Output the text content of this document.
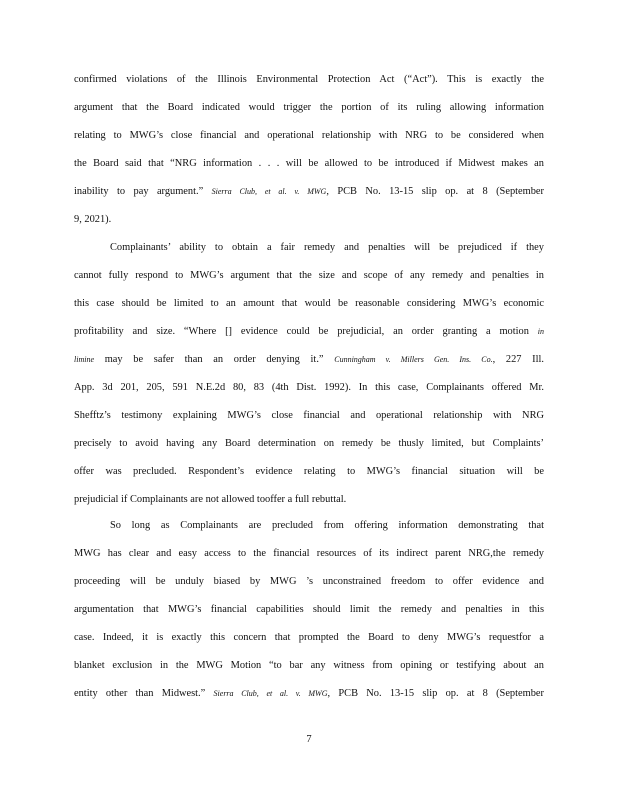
confirmed violations of the Illinois Environmental Protection Act (“Act”). This is exactly the
argument that the Board indicated would trigger the portion of its ruling allowing information
relating to MWG’s close financial and operational relationship with NRG to be considered when
the Board said that “NRG information . . . will be allowed to be introduced if Midwest makes an
inability to pay argument.” Sierra Club, et al. v. MWG, PCB No. 13-15 slip op. at 8 (September
9, 2021).
Complainants’ ability to obtain a fair remedy and penalties will be prejudiced if they
cannot fully respond to MWG’s argument that the size and scope of any remedy and penalties in
this case should be limited to an amount that would be reasonable considering MWG’s economic
profitability and size. “Where [] evidence could be prejudicial, an order granting a motion in
limine may be safer than an order denying it.” Cunningham v. Millers Gen. Ins. Co., 227 Ill.
App. 3d 201, 205, 591 N.E.2d 80, 83 (4th Dist. 1992). In this case, Complainants offered Mr.
Shefftz’s testimony explaining MWG’s close financial and operational relationship with NRG
precisely to avoid having any Board determination on remedy be thusly limited, but Complaints’
offer was precluded. Respondent’s evidence relating to MWG’s financial situation will be
prejudicial if Complainants are not allowed tooffer a full rebuttal.
So long as Complainants are precluded from offering information demonstrating that
MWG has clear and easy access to the financial resources of its indirect parent NRG,the remedy
proceeding will be unduly biased by MWG ’s unconstrained freedom to offer evidence and
argumentation that MWG’s financial capabilities should limit the remedy and penalties in this
case. Indeed, it is exactly this concern that prompted the Board to deny MWG’s requestfor a
blanket exclusion in the MWG Motion “to bar any witness from opining or testifying about an
entity other than Midwest.” Sierra Club, et al. v. MWG, PCB No. 13-15 slip op. at 8 (September
7
